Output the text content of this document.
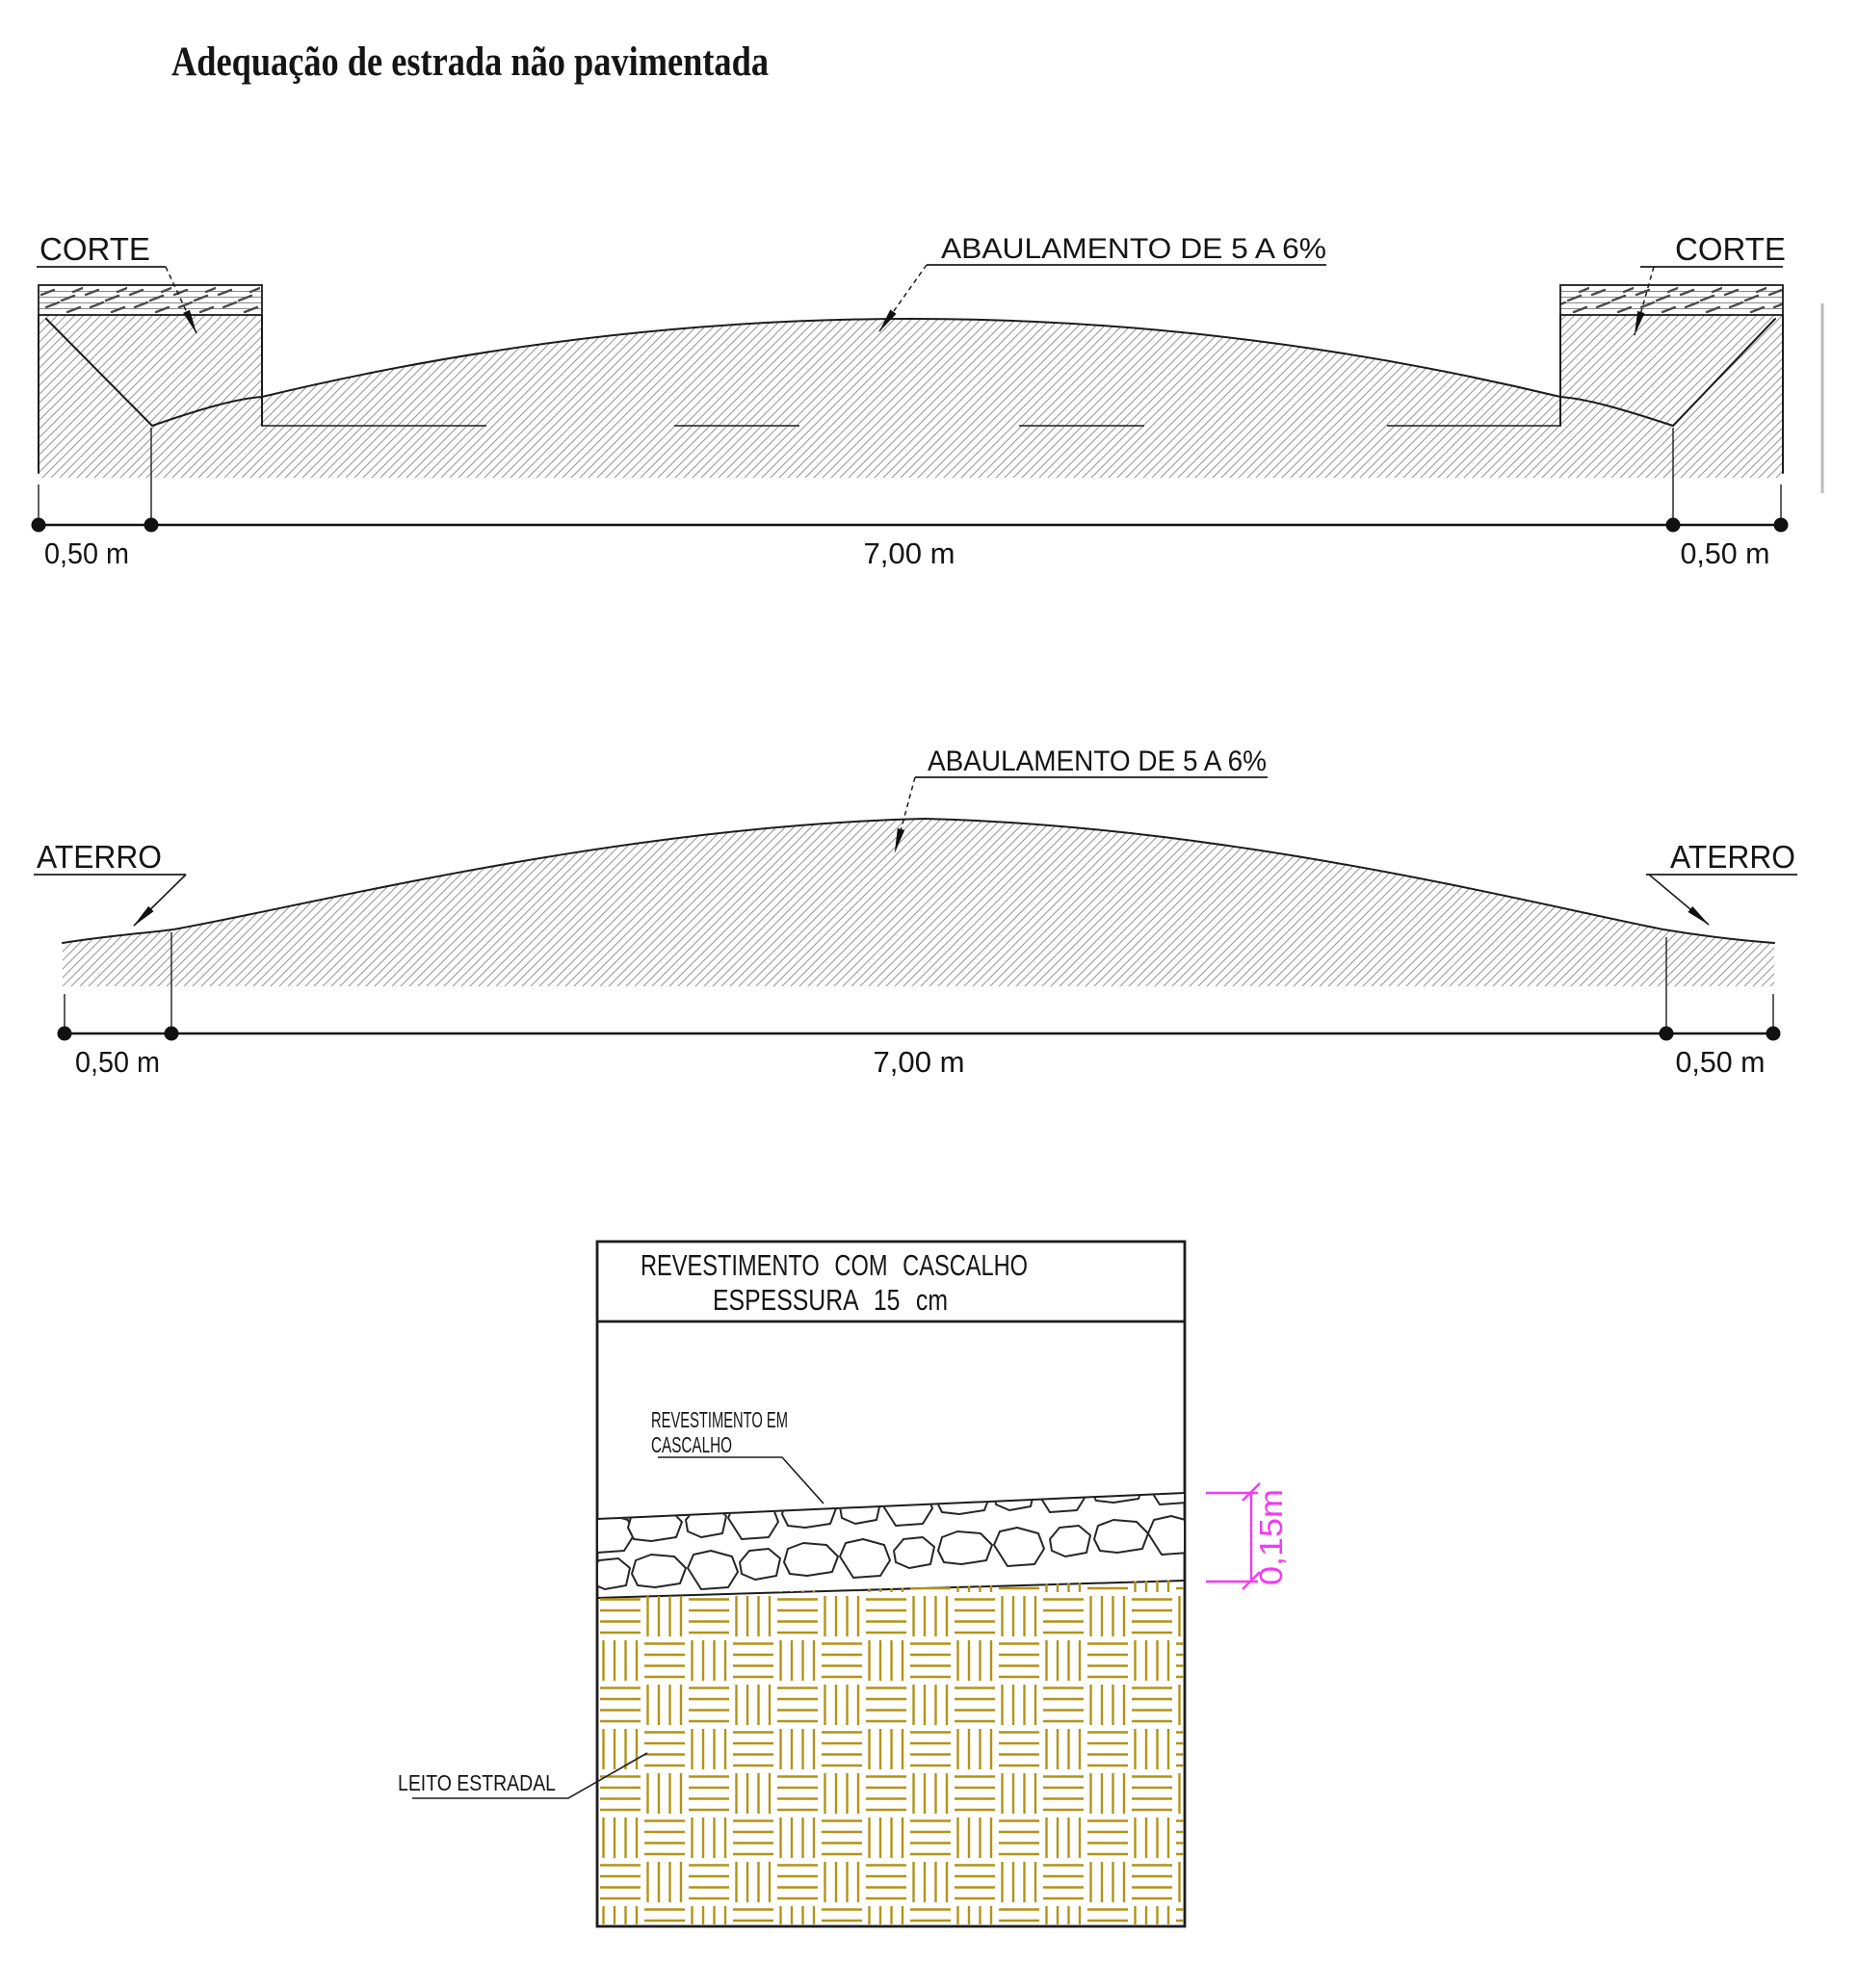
Adequação de estrada não pavimentada
CORTE	CORTE
ABAULAMENTO DE 5 A 6%
0,50 m	7,00 m	0,50 m
ABAULAMENTO DE 5 A 6%
ATERRO	ATERRO
0,50 m	7,00 m	0,50 m
REVESTIMENTO COM CASCALHO
ESPESSURA 15 cm
REVESTIMENTO EM
CASCALHO
LEITO ESTRADAL
0,15m
